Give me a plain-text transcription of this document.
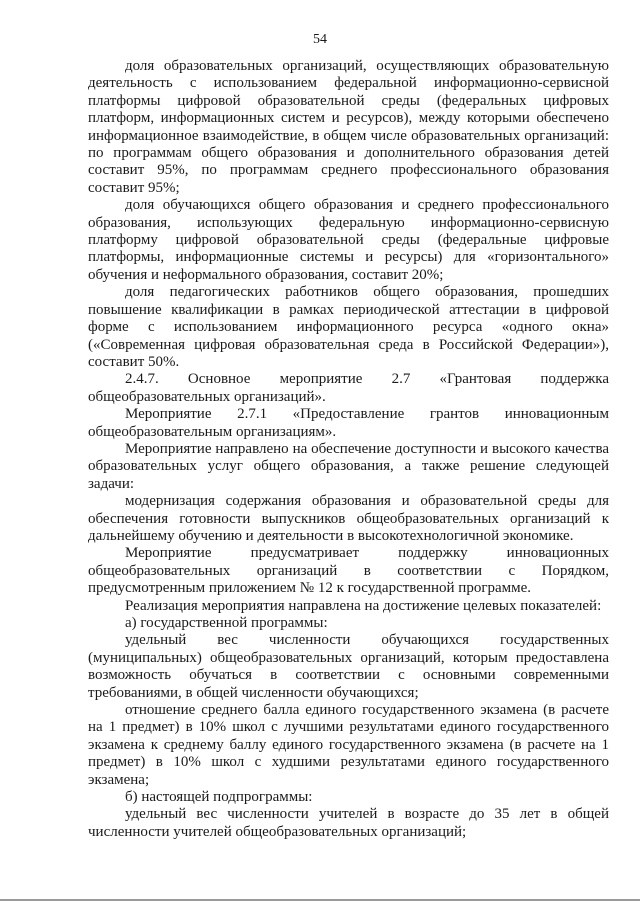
54

доля образовательных организаций, осуществляющих образовательную деятельность с использованием федеральной информационно-сервисной платформы цифровой образовательной среды (федеральных цифровых платформ, информационных систем и ресурсов), между которыми обеспечено информационное взаимодействие, в общем числе образовательных организаций: по программам общего образования и дополнительного образования детей составит 95%, по программам среднего профессионального образования составит 95%;

доля обучающихся общего образования и среднего профессионального образования, использующих федеральную информационно-сервисную платформу цифровой образовательной среды (федеральные цифровые платформы, информационные системы и ресурсы) для «горизонтального» обучения и неформального образования, составит 20%;

доля педагогических работников общего образования, прошедших повышение квалификации в рамках периодической аттестации в цифровой форме с использованием информационного ресурса «одного окна» («Современная цифровая образовательная среда в Российской Федерации»), составит 50%.

2.4.7. Основное мероприятие 2.7 «Грантовая поддержка общеобразовательных организаций».

Мероприятие 2.7.1 «Предоставление грантов инновационным общеобразовательным организациям».

Мероприятие направлено на обеспечение доступности и высокого качества образовательных услуг общего образования, а также решение следующей задачи:

модернизация содержания образования и образовательной среды для обеспечения готовности выпускников общеобразовательных организаций к дальнейшему обучению и деятельности в высокотехнологичной экономике.

Мероприятие предусматривает поддержку инновационных общеобразовательных организаций в соответствии с Порядком, предусмотренным приложением № 12 к государственной программе.

Реализация мероприятия направлена на достижение целевых показателей:

а) государственной программы:

удельный вес численности обучающихся государственных (муниципальных) общеобразовательных организаций, которым предоставлена возможность обучаться в соответствии с основными современными требованиями, в общей численности обучающихся;

отношение среднего балла единого государственного экзамена (в расчете на 1 предмет) в 10% школ с лучшими результатами единого государственного экзамена к среднему баллу единого государственного экзамена (в расчете на 1 предмет) в 10% школ с худшими результатами единого государственного экзамена;

б) настоящей подпрограммы:

удельный вес численности учителей в возрасте до 35 лет в общей численности учителей общеобразовательных организаций;
